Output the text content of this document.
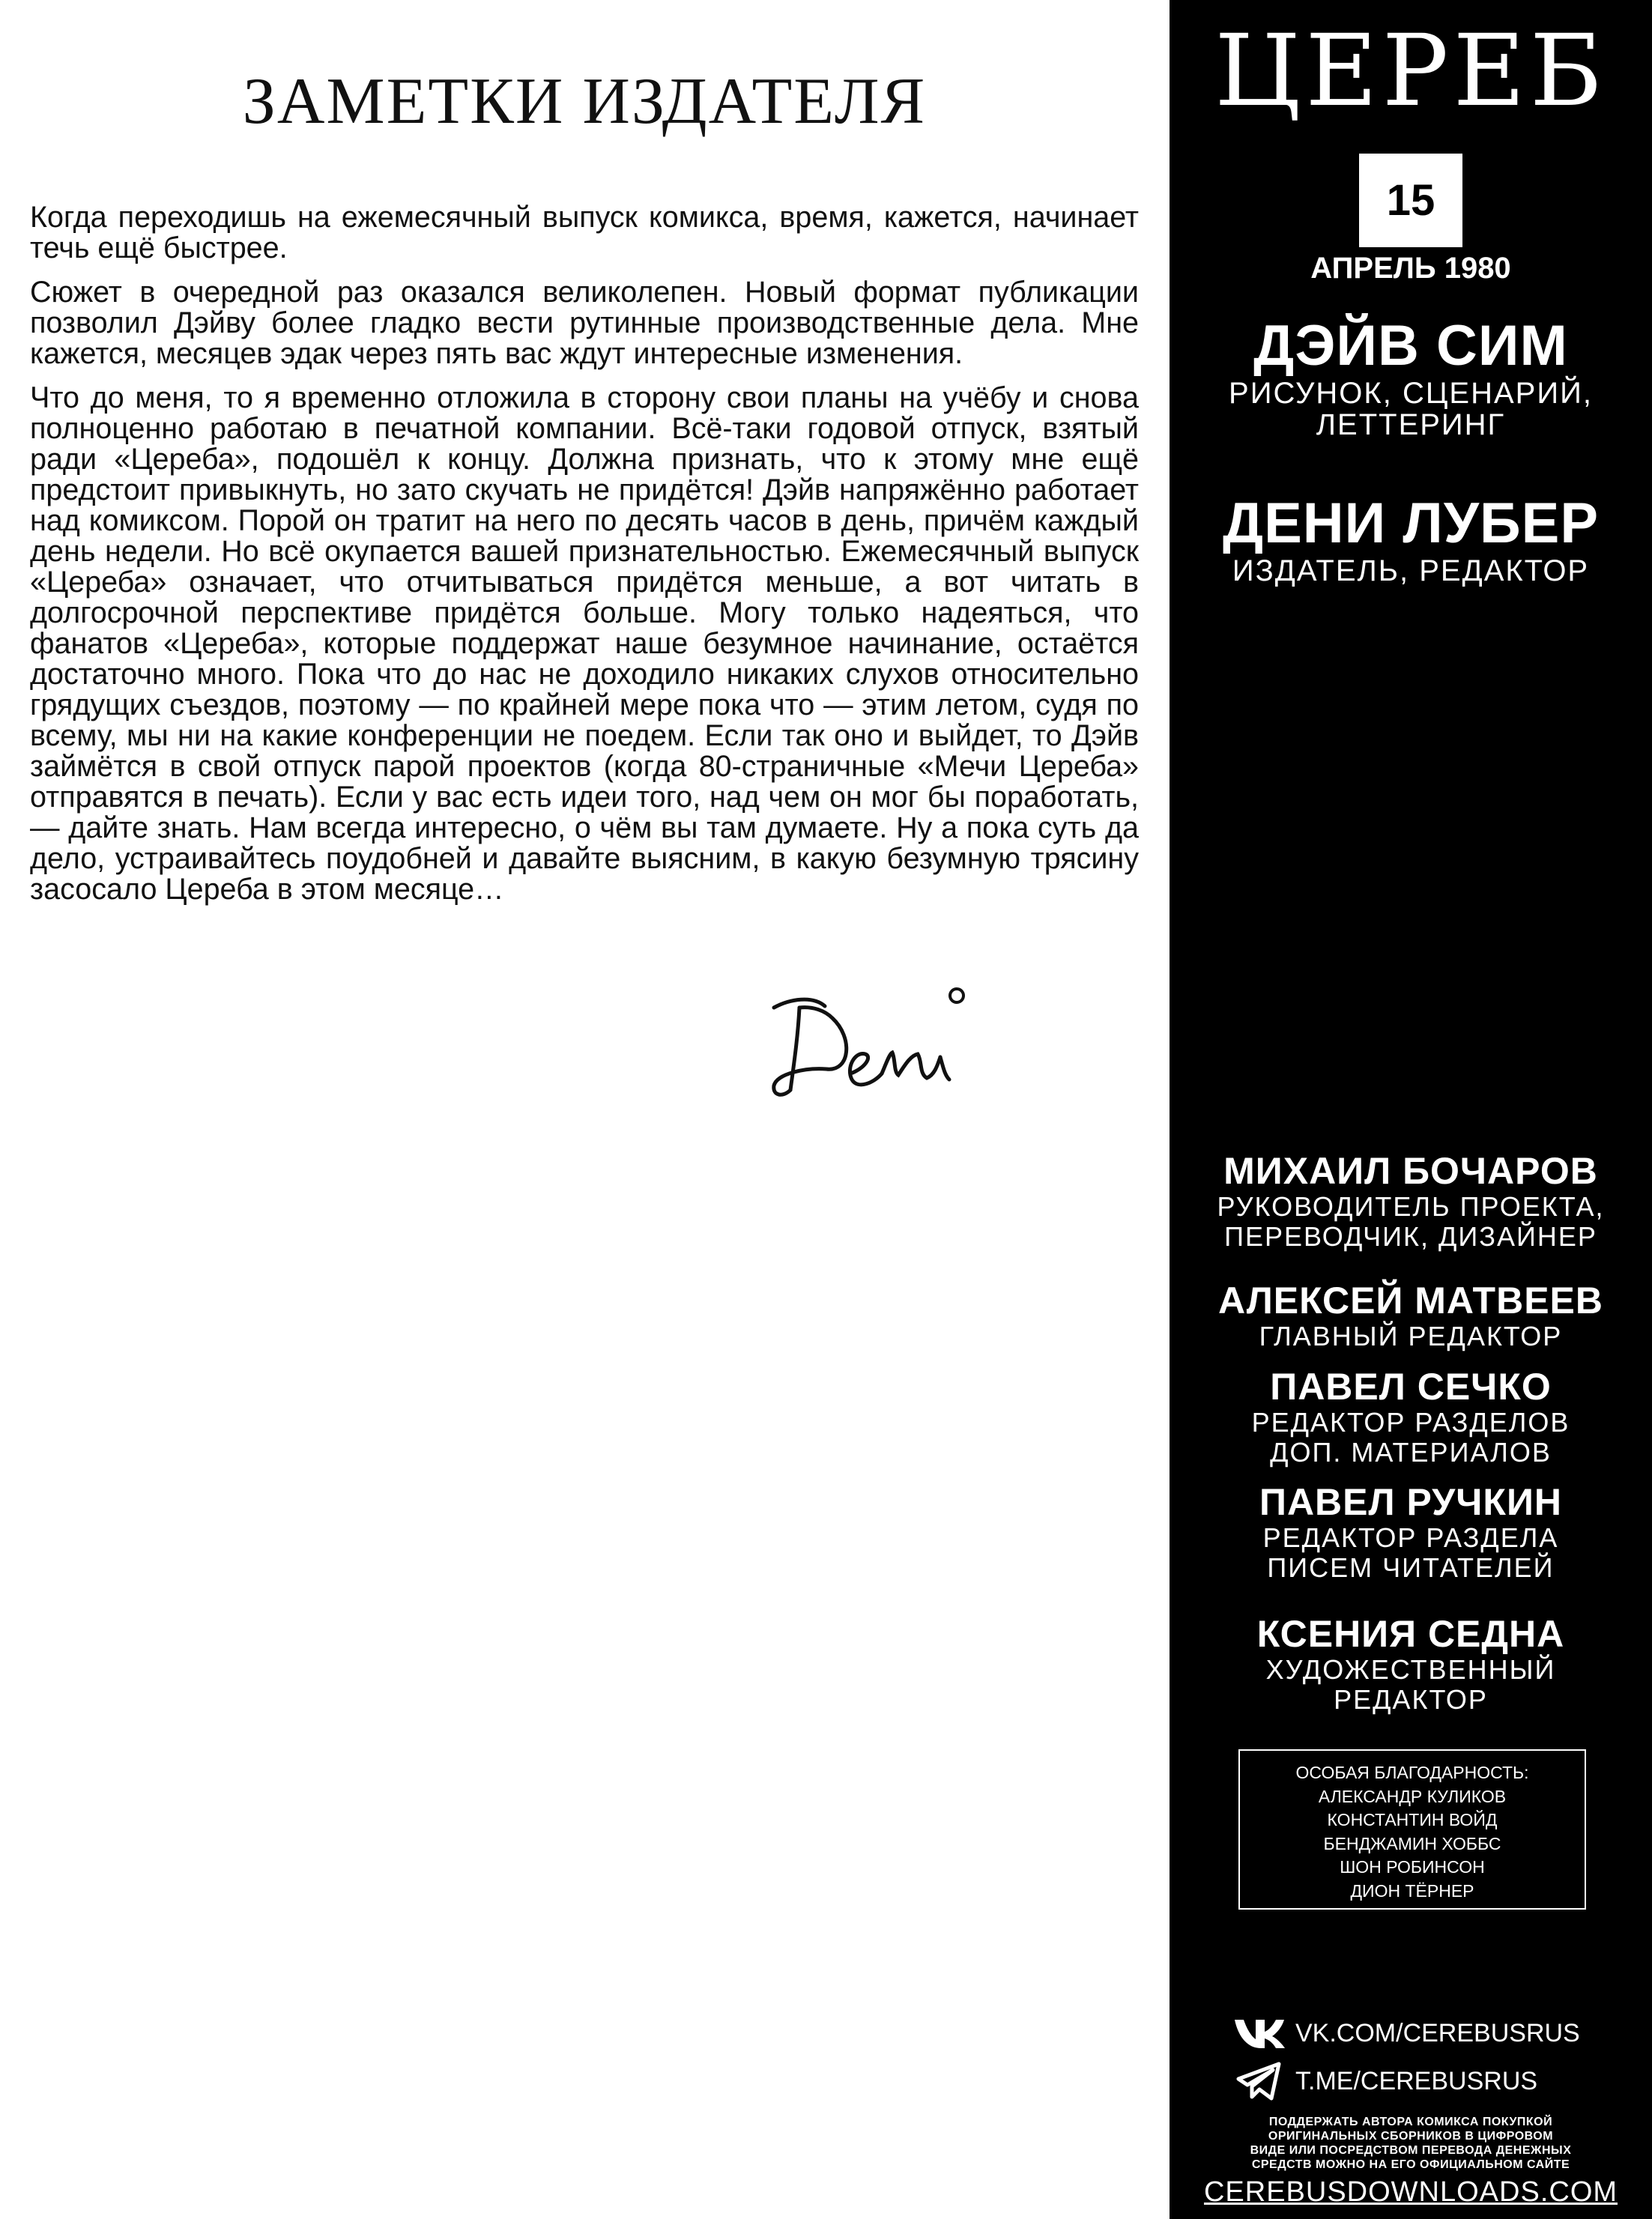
ЗАМЕТКИ ИЗДАТЕЛЯ

Когда переходишь на ежемесячный выпуск комикса, время, кажется, начинает течь ещё быстрее.

Сюжет в очередной раз оказался великолепен. Новый формат публикации позволил Дэйву более гладко вести рутинные производственные дела. Мне кажется, месяцев эдак через пять вас ждут интересные изменения.

Что до меня, то я временно отложила в сторону свои планы на учёбу и снова полноценно работаю в печатной компании. Всё-таки годовой отпуск, взятый ради «Цереба», подошёл к концу. Должна признать, что к этому мне ещё предстоит привыкнуть, но зато скучать не придётся! Дэйв напряжённо работает над комиксом. Порой он тратит на него по десять часов в день, причём каждый день недели. Но всё окупается вашей признательностью. Ежемесячный выпуск «Цереба» означает, что отчитываться придётся меньше, а вот читать в долгосрочной перспективе придётся больше. Могу только надеяться, что фанатов «Цереба», которые поддержат наше безумное начинание, остаётся достаточно много. Пока что до нас не доходило никаких слухов относительно грядущих съездов, поэтому — по крайней мере пока что — этим летом, судя по всему, мы ни на какие конференции не поедем. Если так оно и выйдет, то Дэйв займётся в свой отпуск парой проектов (когда 80-страничные «Мечи Цереба» отправятся в печать). Если у вас есть идеи того, над чем он мог бы поработать, — дайте знать. Нам всегда интересно, о чём вы там думаете. Ну а пока суть да дело, устраивайтесь поудобней и давайте выясним, в какую безумную трясину засосало Цереба в этом месяце…

ЦЕРЕБ
15
АПРЕЛЬ 1980
ДЭЙВ СИМ
РИСУНОК, СЦЕНАРИЙ,
ЛЕТТЕРИНГ
ДЕНИ ЛУБЕР
ИЗДАТЕЛЬ, РЕДАКТОР
МИХАИЛ БОЧАРОВ
РУКОВОДИТЕЛЬ ПРОЕКТА,
ПЕРЕВОДЧИК, ДИЗАЙНЕР
АЛЕКСЕЙ МАТВЕЕВ
ГЛАВНЫЙ РЕДАКТОР
ПАВЕЛ СЕЧКО
РЕДАКТОР РАЗДЕЛОВ
ДОП. МАТЕРИАЛОВ
ПАВЕЛ РУЧКИН
РЕДАКТОР РАЗДЕЛА
ПИСЕМ ЧИТАТЕЛЕЙ
КСЕНИЯ СЕДНА
ХУДОЖЕСТВЕННЫЙ
РЕДАКТОР
ОСОБАЯ БЛАГОДАРНОСТЬ:
АЛЕКСАНДР КУЛИКОВ
КОНСТАНТИН ВОЙД
БЕНДЖАМИН ХОББС
ШОН РОБИНСОН
ДИОН ТЁРНЕР
VK.COM/CEREBUSRUS
T.ME/CEREBUSRUS
ПОДДЕРЖАТЬ АВТОРА КОМИКСА ПОКУПКОЙ
ОРИГИНАЛЬНЫХ СБОРНИКОВ В ЦИФРОВОМ
ВИДЕ ИЛИ ПОСРЕДСТВОМ ПЕРЕВОДА ДЕНЕЖНЫХ
СРЕДСТВ МОЖНО НА ЕГО ОФИЦИАЛЬНОМ САЙТЕ
CEREBUSDOWNLOADS.COM
